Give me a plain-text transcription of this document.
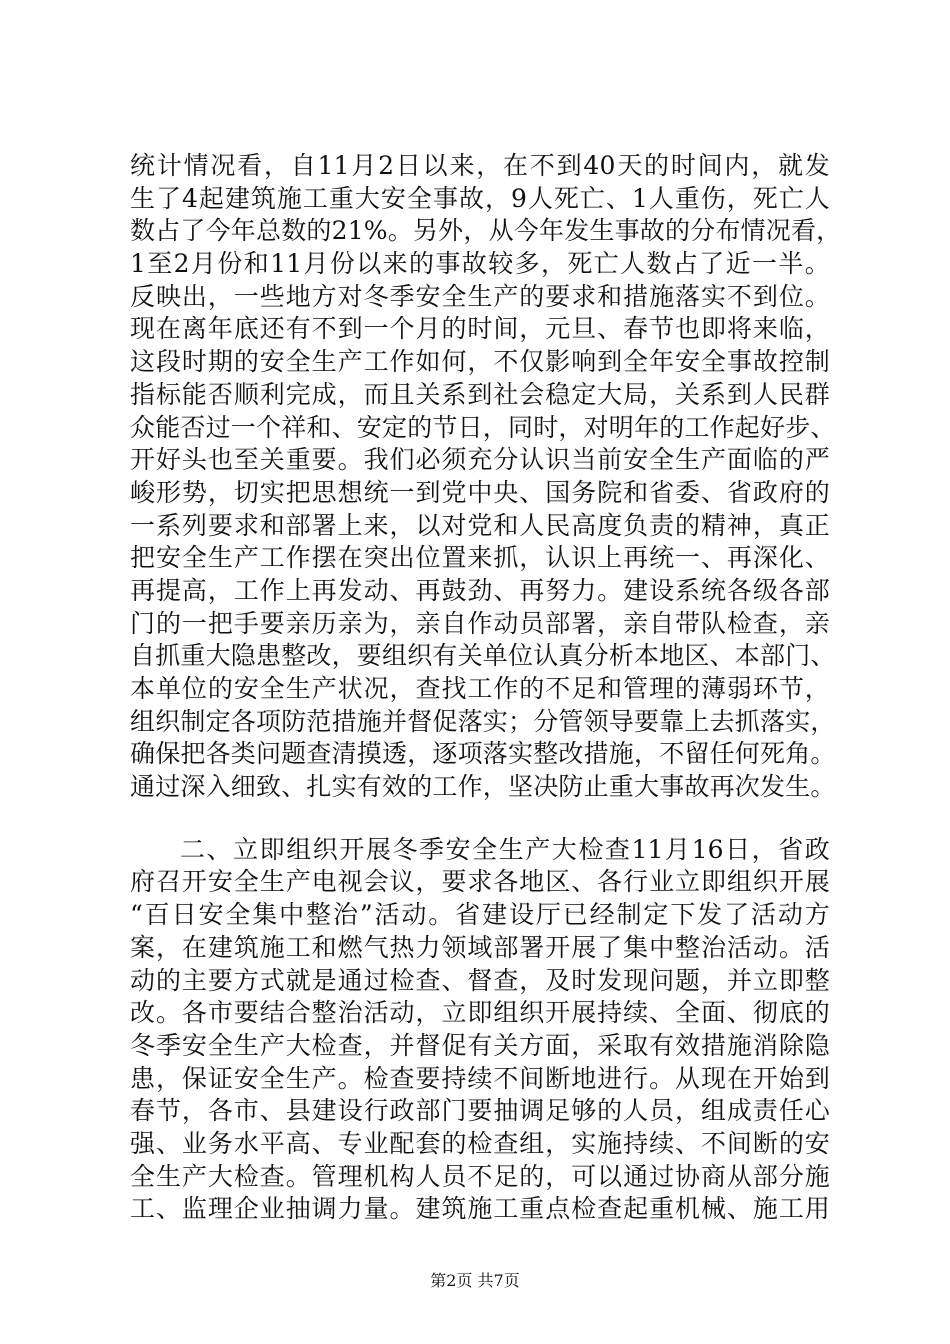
统计情况看，自11月2日以来，在不到40天的时间内，就发
生了4起建筑施工重大安全事故，9人死亡、1人重伤，死亡人
数占了今年总数的21%。另外，从今年发生事故的分布情况看，
1至2月份和11月份以来的事故较多，死亡人数占了近一半。
反映出，一些地方对冬季安全生产的要求和措施落实不到位。
现在离年底还有不到一个月的时间，元旦、春节也即将来临，
这段时期的安全生产工作如何，不仅影响到全年安全事故控制
指标能否顺利完成，而且关系到社会稳定大局，关系到人民群
众能否过一个祥和、安定的节日，同时，对明年的工作起好步、
开好头也至关重要。我们必须充分认识当前安全生产面临的严
峻形势，切实把思想统一到党中央、国务院和省委、省政府的
一系列要求和部署上来，以对党和人民高度负责的精神，真正
把安全生产工作摆在突出位置来抓，认识上再统一、再深化、
再提高，工作上再发动、再鼓劲、再努力。建设系统各级各部
门的一把手要亲历亲为，亲自作动员部署，亲自带队检查，亲
自抓重大隐患整改，要组织有关单位认真分析本地区、本部门、
本单位的安全生产状况，查找工作的不足和管理的薄弱环节，
组织制定各项防范措施并督促落实；分管领导要靠上去抓落实，
确保把各类问题查清摸透，逐项落实整改措施，不留任何死角。
通过深入细致、扎实有效的工作，坚决防止重大事故再次发生。
二、立即组织开展冬季安全生产大检查11月16日，省政
府召开安全生产电视会议，要求各地区、各行业立即组织开展
“百日安全集中整治”活动。省建设厅已经制定下发了活动方
案，在建筑施工和燃气热力领域部署开展了集中整治活动。活
动的主要方式就是通过检查、督查，及时发现问题，并立即整
改。各市要结合整治活动，立即组织开展持续、全面、彻底的
冬季安全生产大检查，并督促有关方面，采取有效措施消除隐
患，保证安全生产。检查要持续不间断地进行。从现在开始到
春节，各市、县建设行政部门要抽调足够的人员，组成责任心
强、业务水平高、专业配套的检查组，实施持续、不间断的安
全生产大检查。管理机构人员不足的，可以通过协商从部分施
工、监理企业抽调力量。建筑施工重点检查起重机械、施工用
第2页 共7页
